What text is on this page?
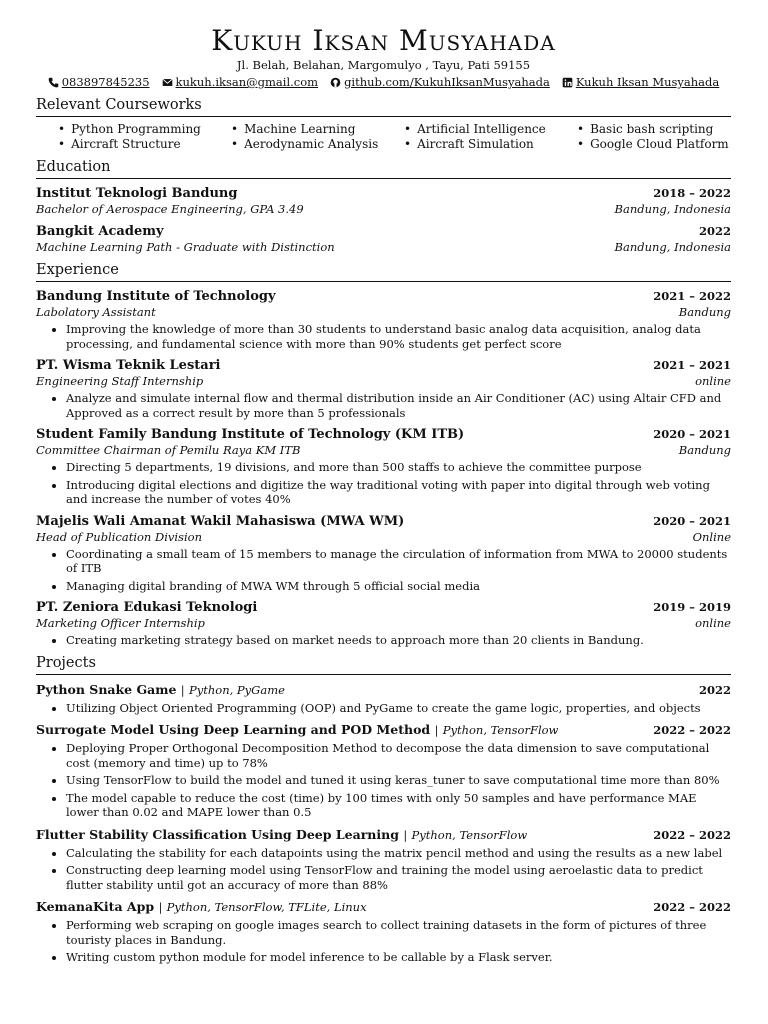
Kukuh Iksan Musyahada
Jl. Belah, Belahan, Margomulyo , Tayu, Pati 59155
083897845235 kukuh.iksan@gmail.com github.com/KukuhIksanMusyahada Kukuh Iksan Musyahada
Relevant Courseworks
• Python Programming	• Machine Learning	• Artificial Intelligence	• Basic bash scripting
• Aircraft Structure	• Aerodynamic Analysis	• Aircraft Simulation	• Google Cloud Platform
Education
Institut Teknologi Bandung	2018 – 2022
Bachelor of Aerospace Engineering, GPA 3.49	Bandung, Indonesia
Bangkit Academy	2022
Machine Learning Path - Graduate with Distinction	Bandung, Indonesia
Experience
Bandung Institute of Technology	2021 – 2022
Labolatory Assistant	Bandung
• Improving the knowledge of more than 30 students to understand basic analog data acquisition, analog data processing, and fundamental science with more than 90% students get perfect score
PT. Wisma Teknik Lestari	2021 – 2021
Engineering Staff Internship	online
• Analyze and simulate internal flow and thermal distribution inside an Air Conditioner (AC) using Altair CFD and Approved as a correct result by more than 5 professionals
Student Family Bandung Institute of Technology (KM ITB)	2020 – 2021
Committee Chairman of Pemilu Raya KM ITB	Bandung
• Directing 5 departments, 19 divisions, and more than 500 staffs to achieve the committee purpose
• Introducing digital elections and digitize the way traditional voting with paper into digital through web voting and increase the number of votes 40%
Majelis Wali Amanat Wakil Mahasiswa (MWA WM)	2020 – 2021
Head of Publication Division	Online
• Coordinating a small team of 15 members to manage the circulation of information from MWA to 20000 students of ITB
• Managing digital branding of MWA WM through 5 official social media
PT. Zeniora Edukasi Teknologi	2019 – 2019
Marketing Officer Internship	online
• Creating marketing strategy based on market needs to approach more than 20 clients in Bandung.
Projects
Python Snake Game | Python, PyGame	2022
• Utilizing Object Oriented Programming (OOP) and PyGame to create the game logic, properties, and objects
Surrogate Model Using Deep Learning and POD Method | Python, TensorFlow	2022 – 2022
• Deploying Proper Orthogonal Decomposition Method to decompose the data dimension to save computational cost (memory and time) up to 78%
• Using TensorFlow to build the model and tuned it using keras_tuner to save computational time more than 80%
• The model capable to reduce the cost (time) by 100 times with only 50 samples and have performance MAE lower than 0.02 and MAPE lower than 0.5
Flutter Stability Classification Using Deep Learning | Python, TensorFlow	2022 – 2022
• Calculating the stability for each datapoints using the matrix pencil method and using the results as a new label
• Constructing deep learning model using TensorFlow and training the model using aeroelastic data to predict flutter stability until got an accuracy of more than 88%
KemanaKita App | Python, TensorFlow, TFLite, Linux	2022 – 2022
• Performing web scraping on google images search to collect training datasets in the form of pictures of three touristy places in Bandung.
• Writing custom python module for model inference to be callable by a Flask server.
